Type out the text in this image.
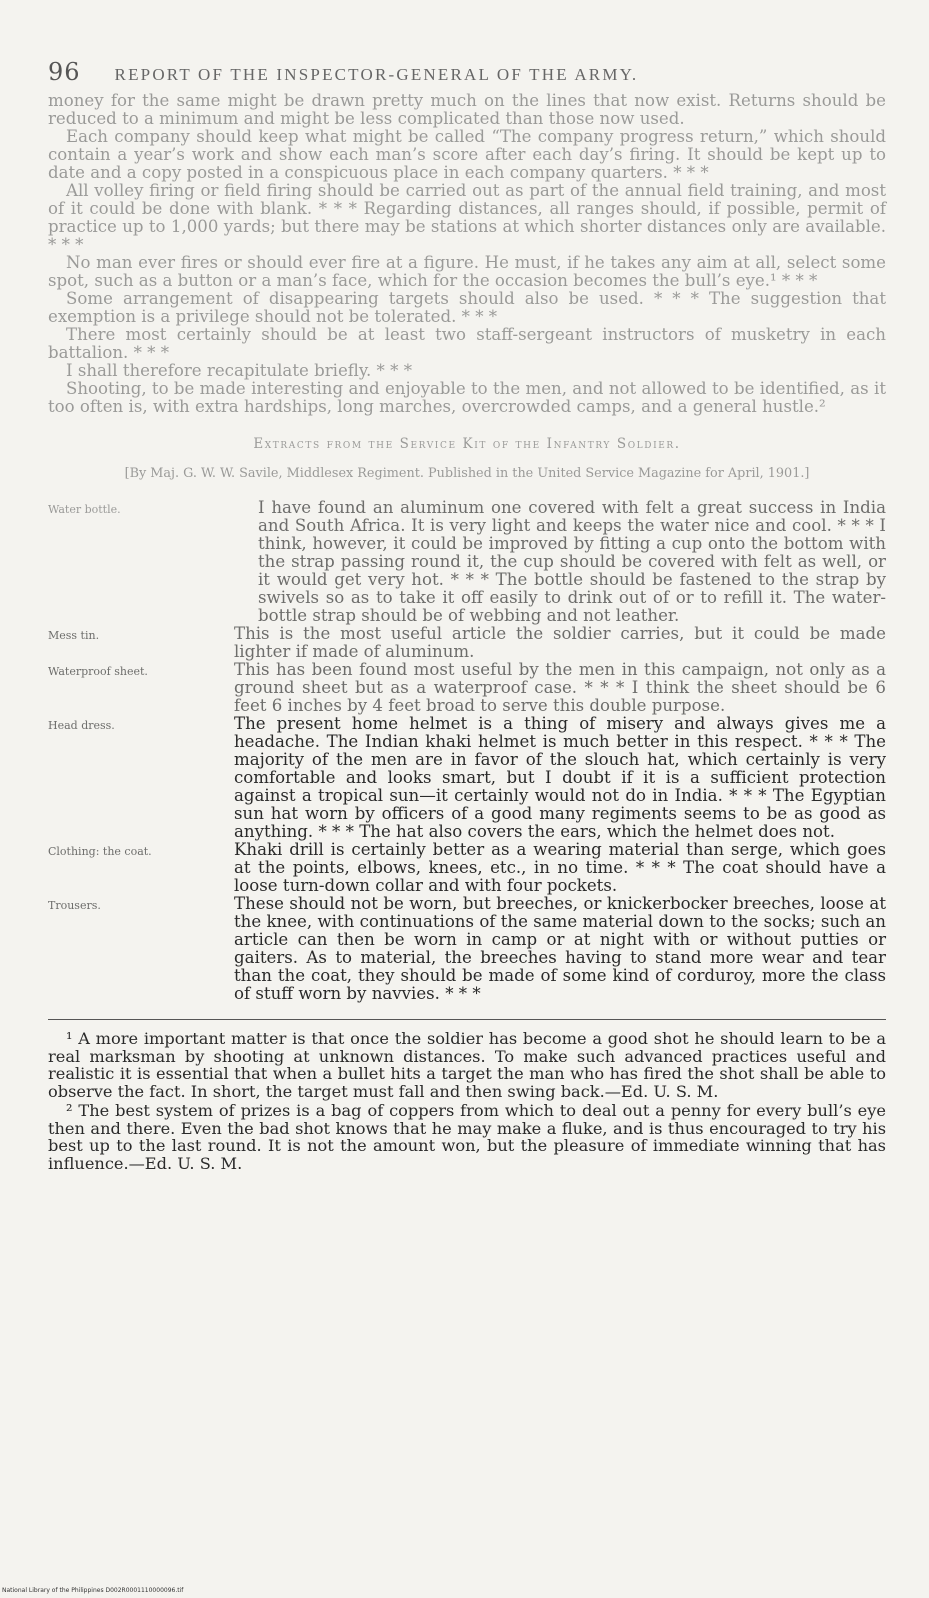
96 REPORT OF THE INSPECTOR-GENERAL OF THE ARMY.

money for the same might be drawn pretty much on the lines that now exist. Returns should be reduced to a minimum and might be less complicated than those now used.

Each company should keep what might be called “The company progress return,” which should contain a year’s work and show each man’s score after each day’s firing. It should be kept up to date and a copy posted in a conspicuous place in each company quarters. * * *

All volley firing or field firing should be carried out as part of the annual field training, and most of it could be done with blank. * * * Regarding distances, all ranges should, if possible, permit of practice up to 1,000 yards; but there may be stations at which shorter distances only are available. * * *

No man ever fires or should ever fire at a figure. He must, if he takes any aim at all, select some spot, such as a button or a man’s face, which for the occasion becomes the bull’s eye.¹ * * *

Some arrangement of disappearing targets should also be used. * * * The suggestion that exemption is a privilege should not be tolerated. * * *

There most certainly should be at least two staff-sergeant instructors of musketry in each battalion. * * *

I shall therefore recapitulate briefly. * * *

Shooting, to be made interesting and enjoyable to the men, and not allowed to be identified, as it too often is, with extra hardships, long marches, overcrowded camps, and a general hustle.²

Extracts from the Service Kit of the Infantry Soldier.
[By Maj. G. W. W. Savile, Middlesex Regiment. Published in the United Service Magazine for April, 1901.]
Water bottle.	I have found an aluminum one covered with felt a great success in India and South Africa. It is very light and keeps the water nice and cool. * * * I think, however, it could be improved by fitting a cup onto the bottom with the strap passing round it, the cup should be covered with felt as well, or it would get very hot. * * * The bottle should be fastened to the strap by swivels so as to take it off easily to drink out of or to refill it. The water-bottle strap should be of webbing and not leather.

Mess tin.	This is the most useful article the soldier carries, but it could be made lighter if made of aluminum.

Waterproof sheet.	This has been found most useful by the men in this campaign, not only as a ground sheet but as a waterproof case. * * * I think the sheet should be 6 feet 6 inches by 4 feet broad to serve this double purpose.

Head dress.	The present home helmet is a thing of misery and always gives me a headache. The Indian khaki helmet is much better in this respect. * * * The majority of the men are in favor of the slouch hat, which certainly is very comfortable and looks smart, but I doubt if it is a sufficient protection against a tropical sun—it certainly would not do in India. * * * The Egyptian sun hat worn by officers of a good many regiments seems to be as good as anything. * * * The hat also covers the ears, which the helmet does not.

Clothing: the coat.	Khaki drill is certainly better as a wearing material than serge, which goes at the points, elbows, knees, etc., in no time. * * * The coat should have a loose turn-down collar and with four pockets.

Trousers.	These should not be worn, but breeches, or knickerbocker breeches, loose at the knee, with continuations of the same material down to the socks; such an article can then be worn in camp or at night with or without putties or gaiters. As to material, the breeches having to stand more wear and tear than the coat, they should be made of some kind of corduroy, more the class of stuff worn by navvies. * * *

¹ A more important matter is that once the soldier has become a good shot he should learn to be a real marksman by shooting at unknown distances. To make such advanced practices useful and realistic it is essential that when a bullet hits a target the man who has fired the shot shall be able to observe the fact. In short, the target must fall and then swing back.—Ed. U. S. M.

² The best system of prizes is a bag of coppers from which to deal out a penny for every bull’s eye then and there. Even the bad shot knows that he may make a fluke, and is thus encouraged to try his best up to the last round. It is not the amount won, but the pleasure of immediate winning that has influence.—Ed. U. S. M.

National Library of the Philippines D002R0001110000096.tif
